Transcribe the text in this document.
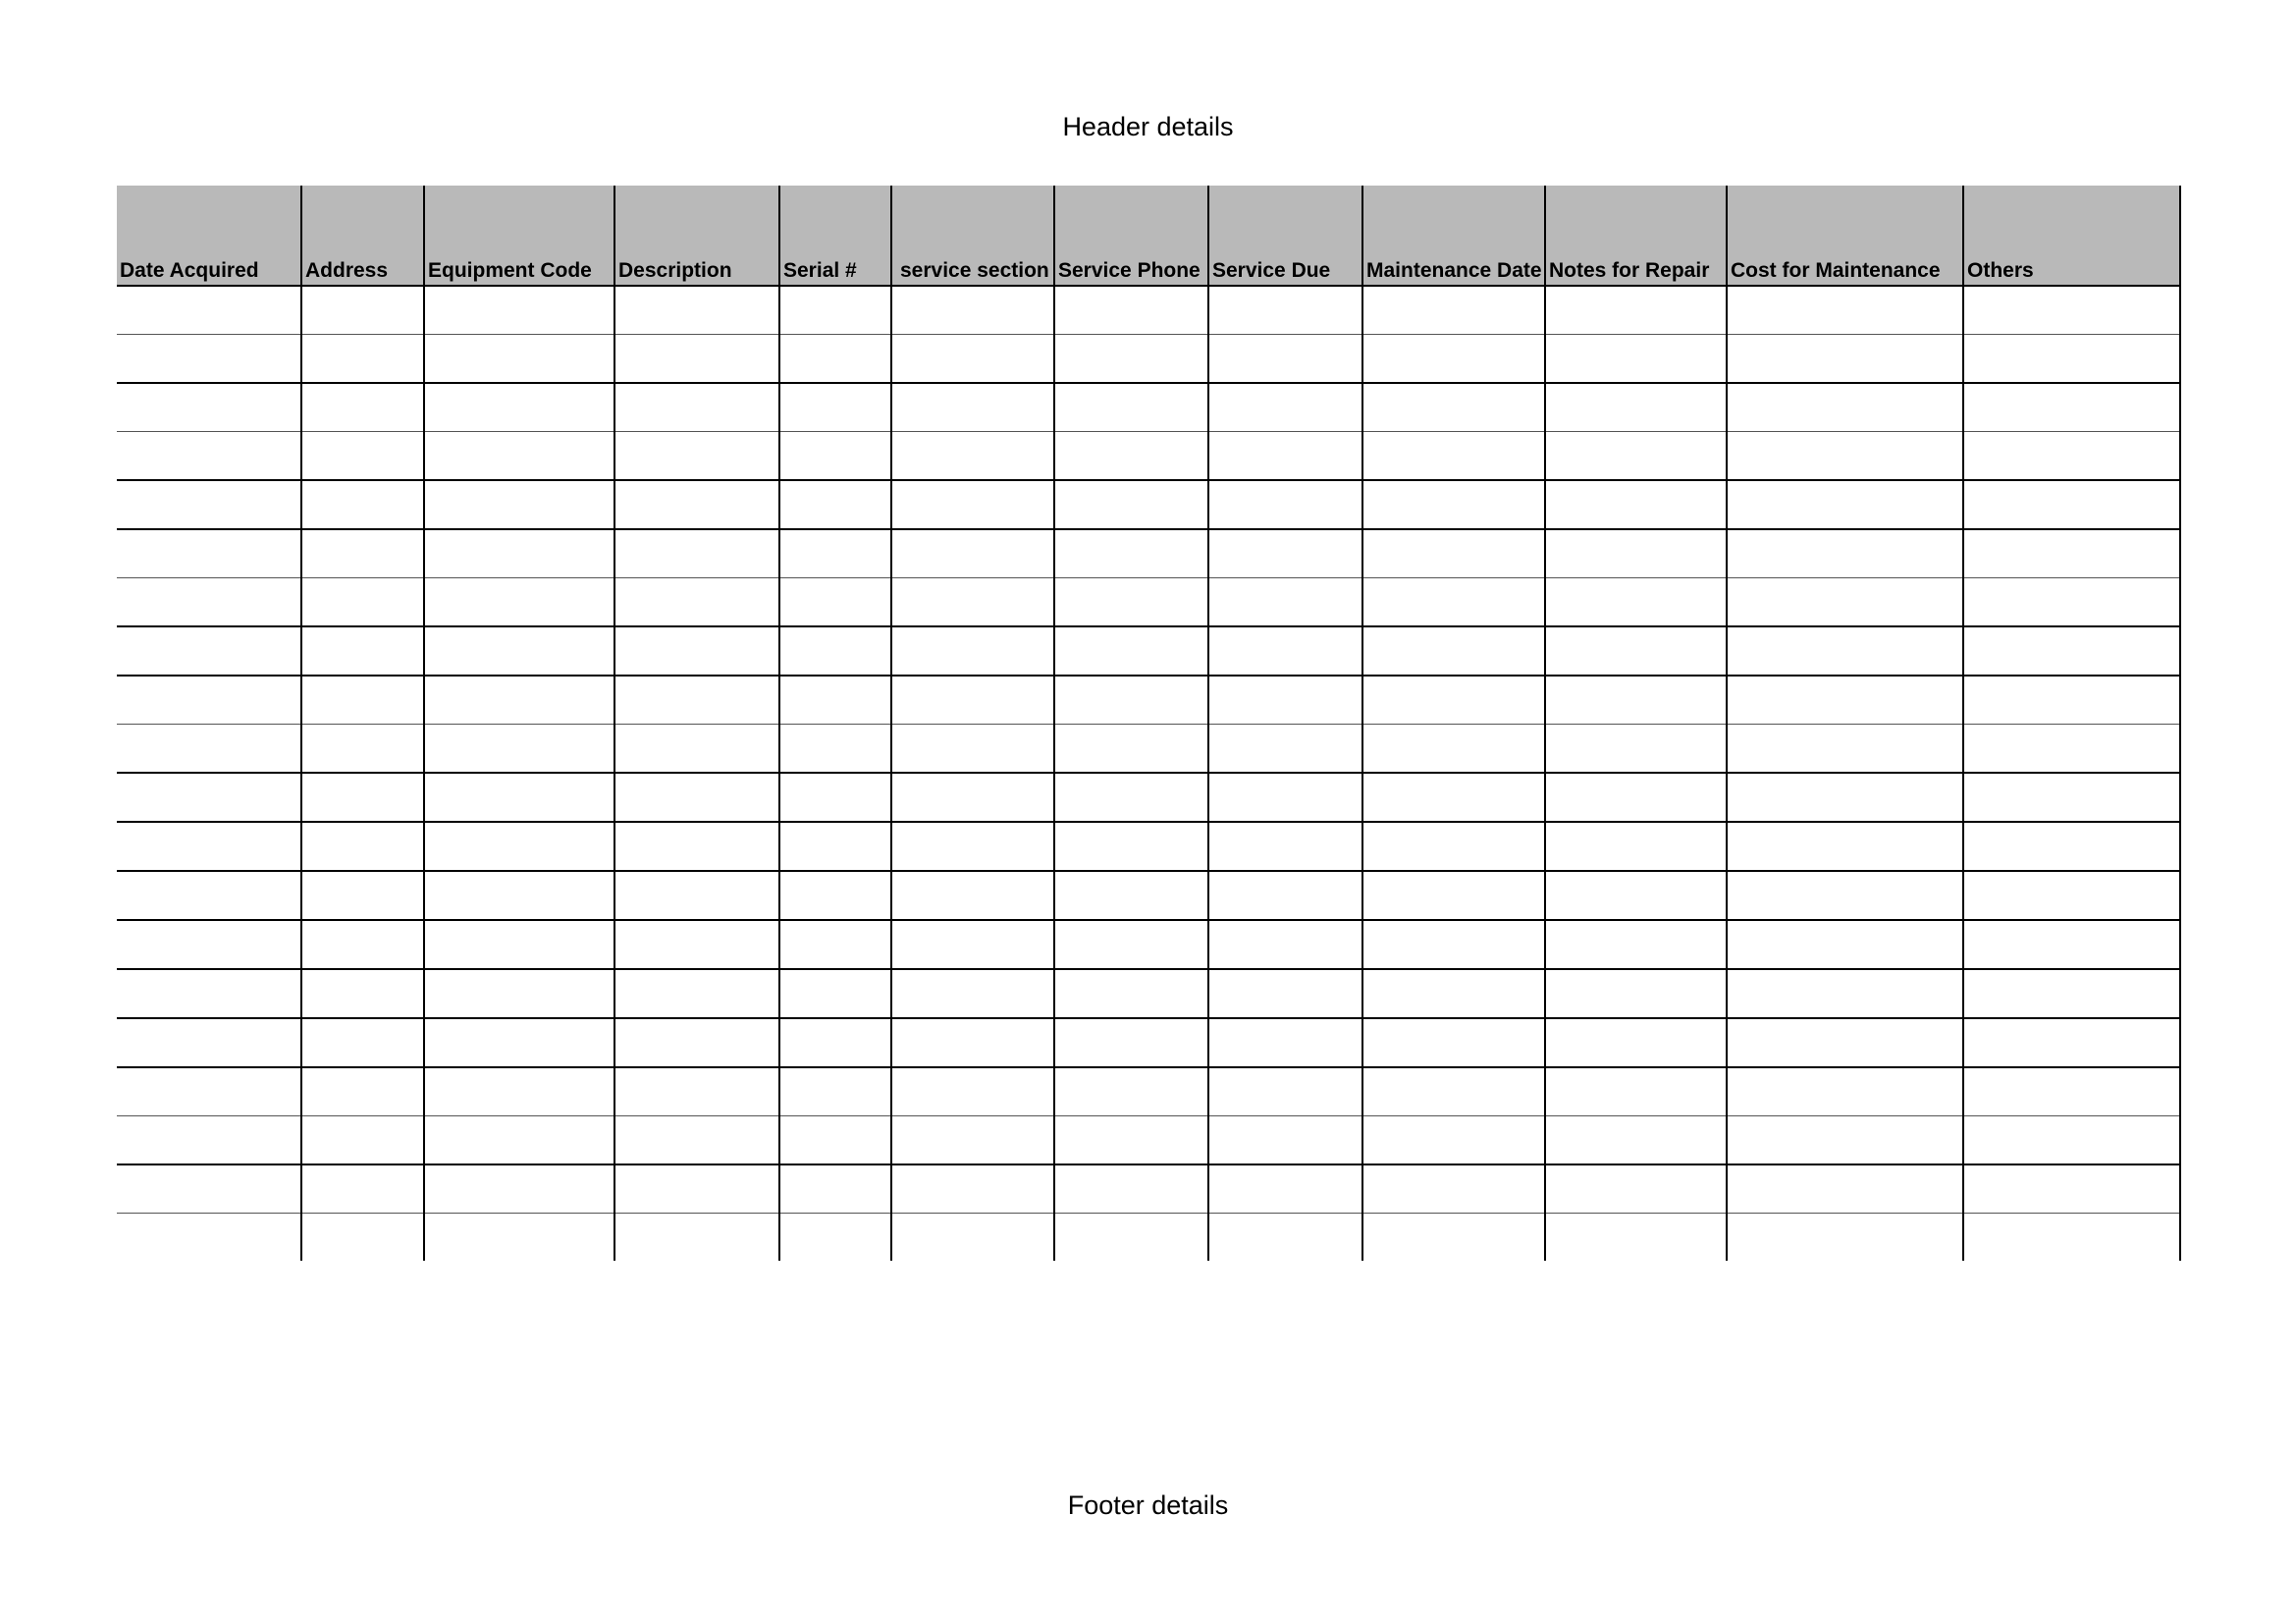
Header details
Date Acquired	Address	Equipment Code	Description	Serial #	service section	Service Phone	Service Due	Maintenance Date	Notes for Repair	Cost for Maintenance	Others

Footer details
